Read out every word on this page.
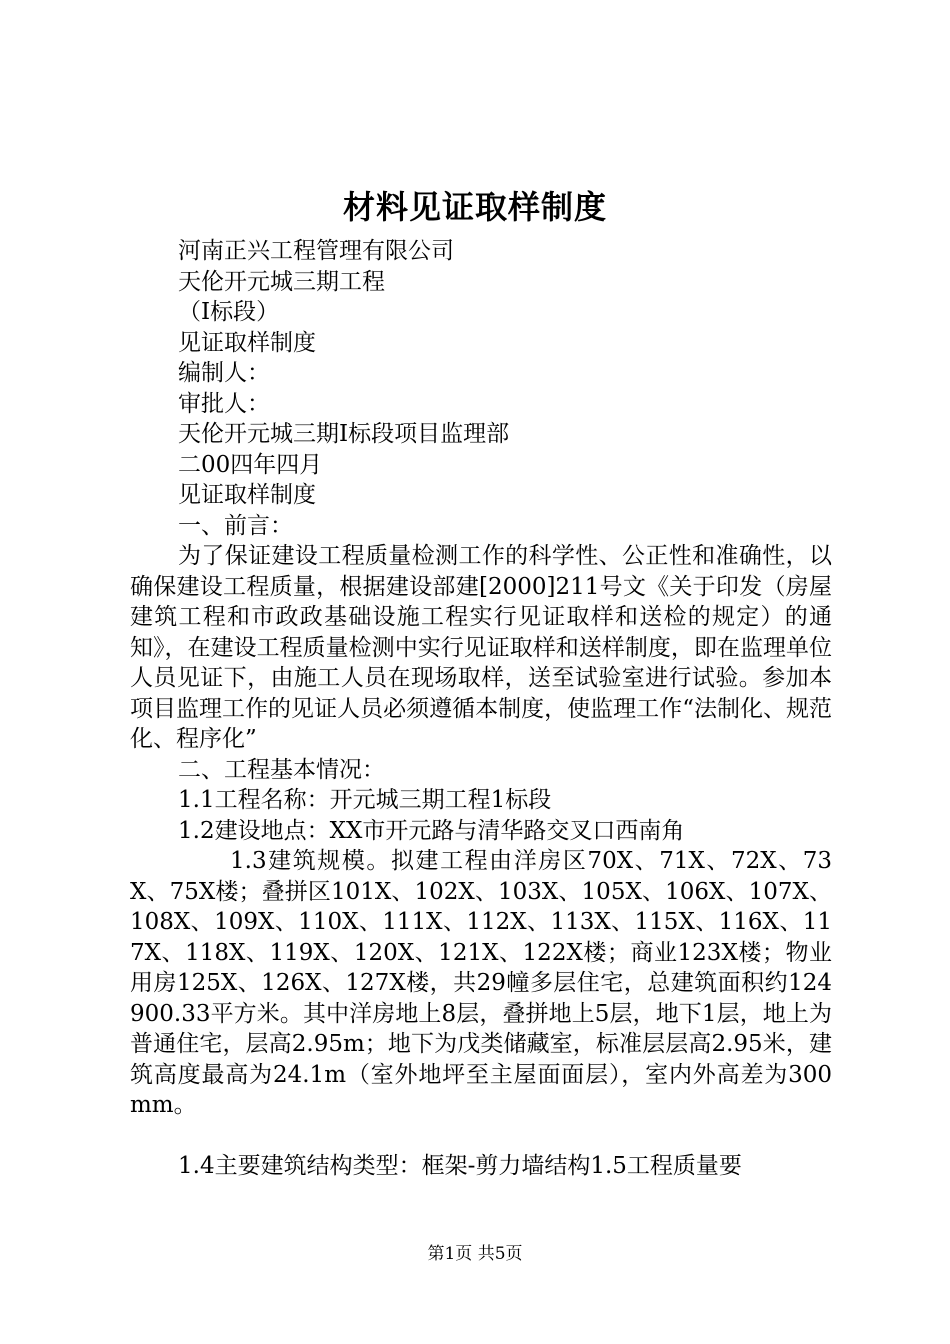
材料见证取样制度
河南正兴工程管理有限公司
天伦开元城三期工程
（Ⅰ标段）
见证取样制度
编制人：
审批人：
天伦开元城三期Ⅰ标段项目监理部
二00四年四月
见证取样制度
一、前言：
为了保证建设工程质量检测工作的科学性、公正性和准确性，以确保建设工程质量，根据建设部建[2000]211号文《关于印发（房屋建筑工程和市政政基础设施工程实行见证取样和送检的规定）的通知》，在建设工程质量检测中实行见证取样和送样制度，即在监理单位人员见证下，由施工人员在现场取样，送至试验室进行试验。参加本项目监理工作的见证人员必须遵循本制度，使监理工作“法制化、规范化、程序化”
二、工程基本情况：
1.1工程名称：开元城三期工程1标段
1.2建设地点：XX市开元路与清华路交叉口西南角
1.3建筑规模。拟建工程由洋房区70X、71X、72X、73X、75X楼；叠拼区101X、102X、103X、105X、106X、107X、108X、109X、110X、111X、112X、113X、115X、116X、117X、118X、119X、120X、121X、122X楼；商业123X楼；物业用房125X、126X、127X楼，共29幢多层住宅，总建筑面积约124900.33平方米。其中洋房地上8层，叠拼地上5层，地下1层，地上为普通住宅，层高2.95m；地下为戊类储藏室，标准层层高2.95米，建筑高度最高为24.1m（室外地坪至主屋面面层），室内外高差为300mm。
1.4主要建筑结构类型：框架-剪力墙结构1.5工程质量要
第1页 共5页
